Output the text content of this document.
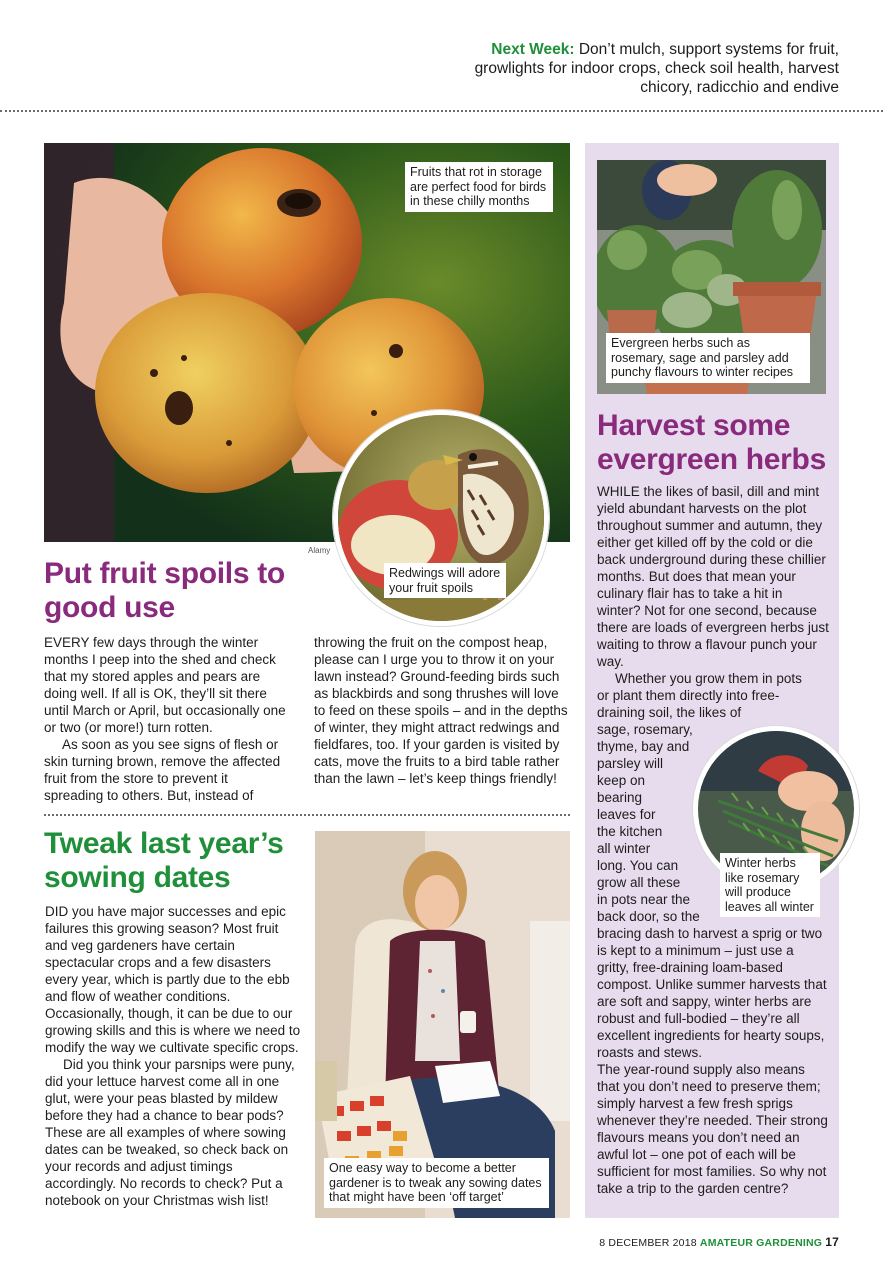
Next Week: Don’t mulch, support systems for fruit, growlights for indoor crops, check soil health, harvest chicory, radicchio and endive
Fruits that rot in storage are perfect food for birds in these chilly months
Alamy
Redwings will adore your fruit spoils
Put fruit spoils to good use

EVERY few days through the winter months I peep into the shed and check that my stored apples and pears are doing well. If all is OK, they’ll sit there until March or April, but occasionally one or two (or more!) turn rotten.

As soon as you see signs of flesh or skin turning brown, remove the affected fruit from the store to prevent it spreading to others. But, instead of

throwing the fruit on the compost heap, please can I urge you to throw it on your lawn instead? Ground-feeding birds such as blackbirds and song thrushes will love to feed on these spoils – and in the depths of winter, they might attract redwings and fieldfares, too. If your garden is visited by cats, move the fruits to a bird table rather than the lawn – let’s keep things friendly!

Tweak last year’s sowing dates

DID you have major successes and epic failures this growing season? Most fruit and veg gardeners have certain spectacular crops and a few disasters every year, which is partly due to the ebb and flow of weather conditions. Occasionally, though, it can be due to our growing skills and this is where we need to modify the way we cultivate specific crops.

Did you think your parsnips were puny, did your lettuce harvest come all in one glut, were your peas blasted by mildew before they had a chance to bear pods? These are all examples of where sowing dates can be tweaked, so check back on your records and adjust timings accordingly. No records to check? Put a notebook on your Christmas wish list!

One easy way to become a better gardener is to tweak any sowing dates that might have been ‘off target’
Evergreen herbs such as rosemary, sage and parsley add punchy flavours to winter recipes
Harvest some evergreen herbs

WHILE the likes of basil, dill and mint yield abundant harvests on the plot throughout summer and autumn, they either get killed off by the cold or die back underground during these chillier months. But does that mean your culinary flair has to take a hit in winter? Not for one second, because there are loads of evergreen herbs just waiting to throw a flavour punch your way.

Whether you grow them in pots
or plant them directly into free-
draining soil, the likes of
sage, rosemary,
thyme, bay and
parsley will
keep on
bearing
leaves for
the kitchen
all winter
long. You can
grow all these
in pots near the
back door, so the
bracing dash to harvest a sprig or two is kept to a minimum – just use a gritty, free-draining loam-based compost. Unlike summer harvests that are soft and sappy, winter herbs are robust and full-bodied – they’re all excellent ingredients for hearty soups, roasts and stews.

The year-round supply also means that you don’t need to preserve them; simply harvest a few fresh sprigs whenever they’re needed. Their strong flavours means you don’t need an awful lot – one pot of each will be sufficient for most families. So why not take a trip to the garden centre?

Winter herbs like rosemary will produce leaves all winter
8 DECEMBER 2018 AMATEUR GARDENING 17
